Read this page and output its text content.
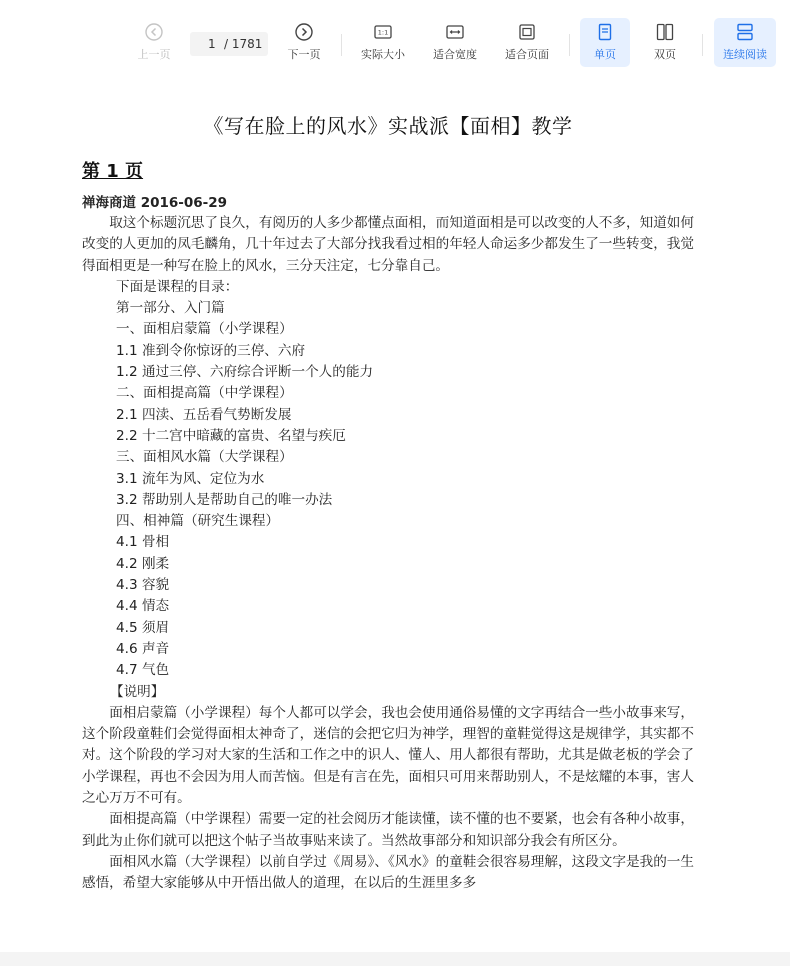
上一页
1 / 1781
下一页
1:1
实际大小	适合宽度	适合页面	单页	双页	连续阅读
《写在脸上的风水》实战派【面相】教学
第 1 页
禅海商道 2016-06-29

取这个标题沉思了良久，有阅历的人多少都懂点面相，而知道面相是可以改变的人不多，知道如何改变的人更加的凤毛麟角，几十年过去了大部分找我看过相的年轻人命运多少都发生了一些转变，我觉得面相更是一种写在脸上的风水，三分天注定，七分靠自己。

下面是课程的目录：
第一部分、入门篇
一、面相启蒙篇（小学课程）
1.1 准到令你惊讶的三停、六府
1.2 通过三停、六府综合评断一个人的能力
二、面相提高篇（中学课程）
2.1 四渎、五岳看气势断发展
2.2 十二宫中暗藏的富贵、名望与疾厄
三、面相风水篇（大学课程）
3.1 流年为风、定位为水
3.2 帮助别人是帮助自己的唯一办法
四、相神篇（研究生课程）
4.1 骨相
4.2 刚柔
4.3 容貌
4.4 情态
4.5 须眉
4.6 声音
4.7 气色
【说明】

面相启蒙篇（小学课程）每个人都可以学会，我也会使用通俗易懂的文字再结合一些小故事来写，这个阶段童鞋们会觉得面相太神奇了，迷信的会把它归为神学，理智的童鞋觉得这是规律学，其实都不对。这个阶段的学习对大家的生活和工作之中的识人、懂人、用人都很有帮助，尤其是做老板的学会了小学课程，再也不会因为用人而苦恼。但是有言在先，面相只可用来帮助别人，不是炫耀的本事，害人之心万万不可有。

面相提高篇（中学课程）需要一定的社会阅历才能读懂，读不懂的也不要紧，也会有各种小故事，到此为止你们就可以把这个帖子当故事贴来读了。当然故事部分和知识部分我会有所区分。

面相风水篇（大学课程）以前自学过《周易》、《风水》的童鞋会很容易理解，这段文字是我的一生感悟，希望大家能够从中开悟出做人的道理，在以后的生涯里多多
